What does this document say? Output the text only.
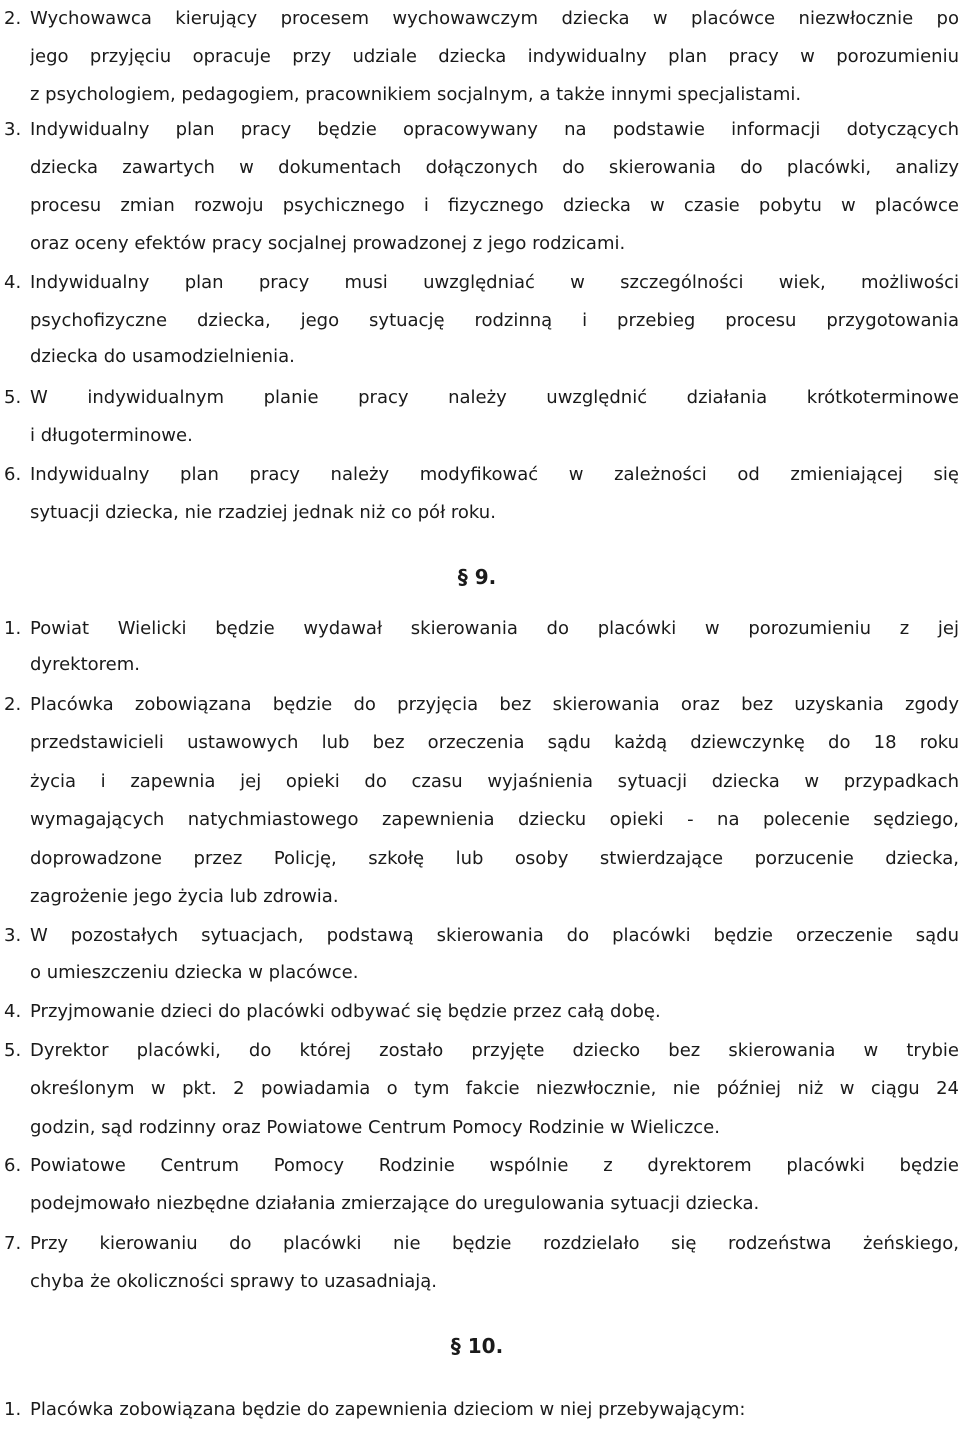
2. Wychowawca kierujący procesem wychowawczym dziecka w placówce niezwłocznie po
jego przyjęciu opracuje przy udziale dziecka indywidualny plan pracy w porozumieniu
z psychologiem, pedagogiem, pracownikiem socjalnym, a także innymi specjalistami.
3. Indywidualny plan pracy będzie opracowywany na podstawie informacji dotyczących
dziecka zawartych w dokumentach dołączonych do skierowania do placówki, analizy
procesu zmian rozwoju psychicznego i fizycznego dziecka w czasie pobytu w placówce
oraz oceny efektów pracy socjalnej prowadzonej z jego rodzicami.
4. Indywidualny plan pracy musi uwzględniać w szczególności wiek, możliwości
psychofizyczne dziecka, jego sytuację rodzinną i przebieg procesu przygotowania
dziecka do usamodzielnienia.
5. W indywidualnym planie pracy należy uwzględnić działania krótkoterminowe
i długoterminowe.
6. Indywidualny plan pracy należy modyfikować w zależności od zmieniającej się
sytuacji dziecka, nie rzadziej jednak niż co pół roku.
§ 9.
1. Powiat Wielicki będzie wydawał skierowania do placówki w porozumieniu z jej
dyrektorem.
2. Placówka zobowiązana będzie do przyjęcia bez skierowania oraz bez uzyskania zgody
przedstawicieli ustawowych lub bez orzeczenia sądu każdą dziewczynkę do 18 roku
życia i zapewnia jej opieki do czasu wyjaśnienia sytuacji dziecka w przypadkach
wymagających natychmiastowego zapewnienia dziecku opieki - na polecenie sędziego,
doprowadzone przez Policję, szkołę lub osoby stwierdzające porzucenie dziecka,
zagrożenie jego życia lub zdrowia.
3. W pozostałych sytuacjach, podstawą skierowania do placówki będzie orzeczenie sądu
o umieszczeniu dziecka w placówce.
4. Przyjmowanie dzieci do placówki odbywać się będzie przez całą dobę.
5. Dyrektor placówki, do której zostało przyjęte dziecko bez skierowania w trybie
określonym w pkt. 2 powiadamia o tym fakcie niezwłocznie, nie później niż w ciągu 24
godzin, sąd rodzinny oraz Powiatowe Centrum Pomocy Rodzinie w Wieliczce.
6. Powiatowe Centrum Pomocy Rodzinie wspólnie z dyrektorem placówki będzie
podejmowało niezbędne działania zmierzające do uregulowania sytuacji dziecka.
7. Przy kierowaniu do placówki nie będzie rozdzielało się rodzeństwa żeńskiego,
chyba że okoliczności sprawy to uzasadniają.
§ 10.
1. Placówka zobowiązana będzie do zapewnienia dzieciom w niej przebywającym:
